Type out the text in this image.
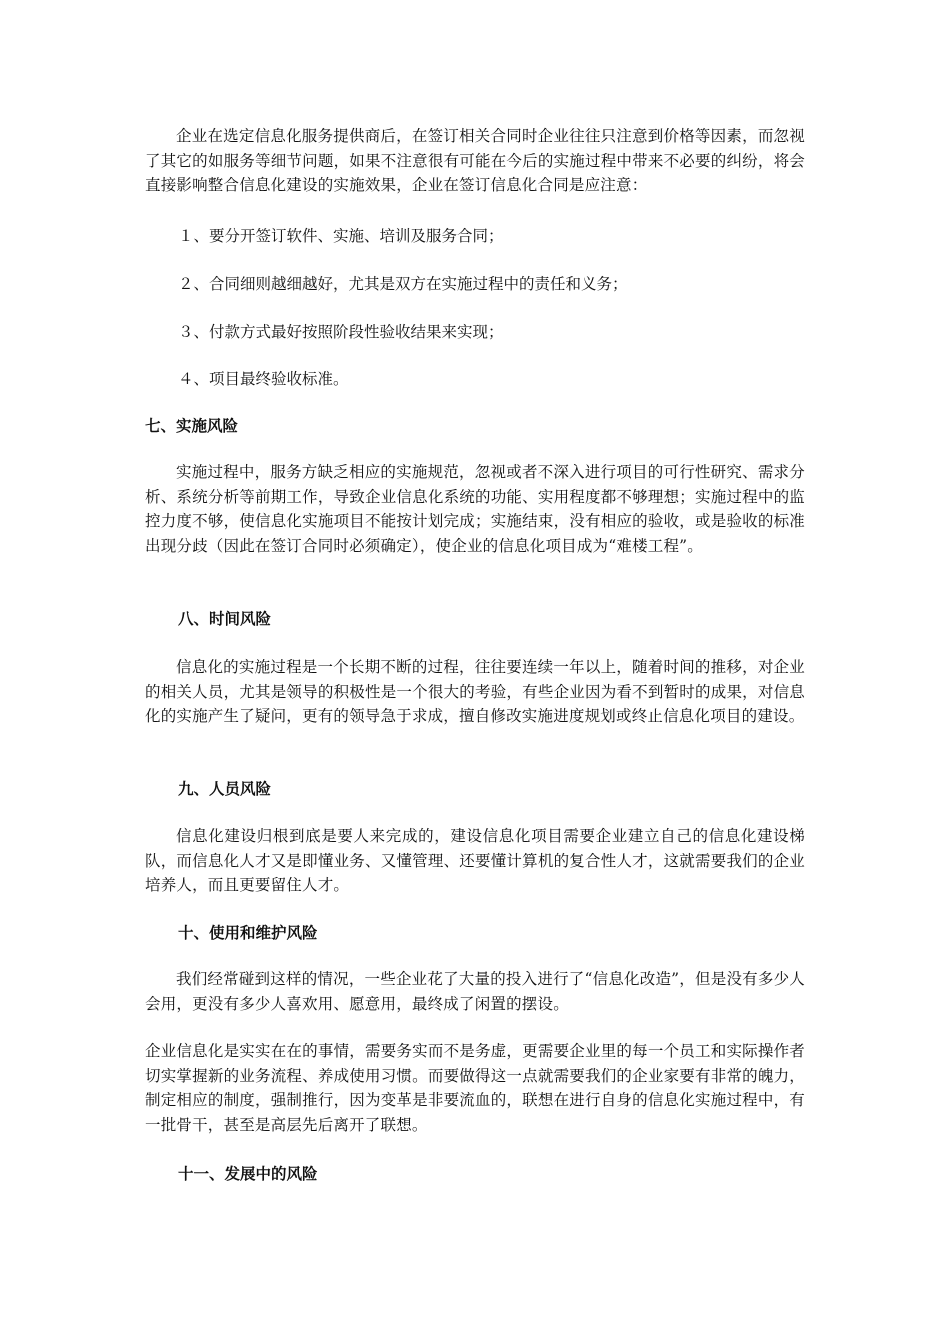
企业在选定信息化服务提供商后，在签订相关合同时企业往往只注意到价格等因素，而忽视了其它的如服务等细节问题，如果不注意很有可能在今后的实施过程中带来不必要的纠纷，将会直接影响整合信息化建设的实施效果，企业在签订信息化合同是应注意：

１、要分开签订软件、实施、培训及服务合同；

２、合同细则越细越好，尤其是双方在实施过程中的责任和义务；

３、付款方式最好按照阶段性验收结果来实现；

４、项目最终验收标准。

七、实施风险

实施过程中，服务方缺乏相应的实施规范，忽视或者不深入进行项目的可行性研究、需求分析、系统分析等前期工作，导致企业信息化系统的功能、实用程度都不够理想；实施过程中的监控力度不够，使信息化实施项目不能按计划完成；实施结束，没有相应的验收，或是验收的标准出现分歧（因此在签订合同时必须确定），使企业的信息化项目成为“难楼工程”。

八、时间风险

信息化的实施过程是一个长期不断的过程，往往要连续一年以上，随着时间的推移，对企业的相关人员，尤其是领导的积极性是一个很大的考验，有些企业因为看不到暂时的成果，对信息化的实施产生了疑问，更有的领导急于求成，擅自修改实施进度规划或终止信息化项目的建设。

九、人员风险

信息化建设归根到底是要人来完成的，建设信息化项目需要企业建立自己的信息化建设梯队，而信息化人才又是即懂业务、又懂管理、还要懂计算机的复合性人才，这就需要我们的企业培养人，而且更要留住人才。

十、使用和维护风险

我们经常碰到这样的情况，一些企业花了大量的投入进行了“信息化改造”，但是没有多少人会用，更没有多少人喜欢用、愿意用，最终成了闲置的摆设。

企业信息化是实实在在的事情，需要务实而不是务虚，更需要企业里的每一个员工和实际操作者切实掌握新的业务流程、养成使用习惯。而要做得这一点就需要我们的企业家要有非常的魄力，制定相应的制度，强制推行，因为变革是非要流血的，联想在进行自身的信息化实施过程中，有一批骨干，甚至是高层先后离开了联想。

十一、发展中的风险
